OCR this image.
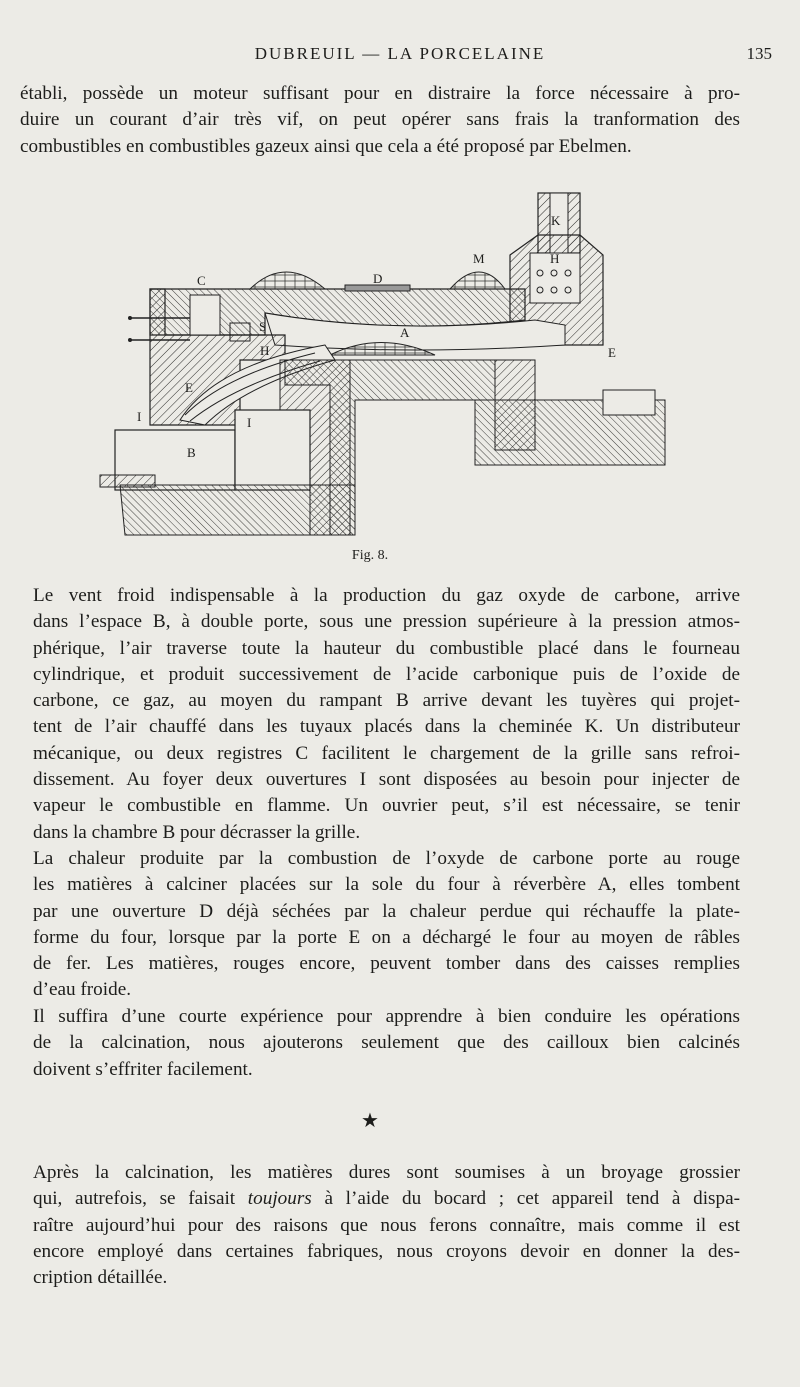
DUBREUIL — LA PORCELAINE	135
établi, possède un moteur suffisant pour en distraire la force nécessaire à pro-
duire un courant d’air très vif, on peut opérer sans frais la tranformation des
combustibles en combustibles gazeux ainsi que cela a été proposé par Ebelmen.
C	D
M
K
H
A
S
H	E
E
I	I
B
Fig. 8.
Le vent froid indispensable à la production du gaz oxyde de carbone, arrive
dans l’espace B, à double porte, sous une pression supérieure à la pression atmos-
phérique, l’air traverse toute la hauteur du combustible placé dans le fourneau
cylindrique, et produit successivement de l’acide carbonique puis de l’oxide de
carbone, ce gaz, au moyen du rampant B arrive devant les tuyères qui projet-
tent de l’air chauffé dans les tuyaux placés dans la cheminée K. Un distributeur
mécanique, ou deux registres C facilitent le chargement de la grille sans refroi-
dissement. Au foyer deux ouvertures I sont disposées au besoin pour injecter de
vapeur le combustible en flamme. Un ouvrier peut, s’il est nécessaire, se tenir
dans la chambre B pour décrasser la grille.
La chaleur produite par la combustion de l’oxyde de carbone porte au rouge
les matières à calciner placées sur la sole du four à réverbère A, elles tombent
par une ouverture D déjà séchées par la chaleur perdue qui réchauffe la plate-
forme du four, lorsque par la porte E on a déchargé le four au moyen de râbles
de fer. Les matières, rouges encore, peuvent tomber dans des caisses remplies
d’eau froide.
Il suffira d’une courte expérience pour apprendre à bien conduire les opérations
de la calcination, nous ajouterons seulement que des cailloux bien calcinés
doivent s’effriter facilement.
★
Après la calcination, les matières dures sont soumises à un broyage grossier
qui, autrefois, se faisait toujours à l’aide du bocard ; cet appareil tend à dispa-
raître aujourd’hui pour des raisons que nous ferons connaître, mais comme il est
encore employé dans certaines fabriques, nous croyons devoir en donner la des-
cription détaillée.
